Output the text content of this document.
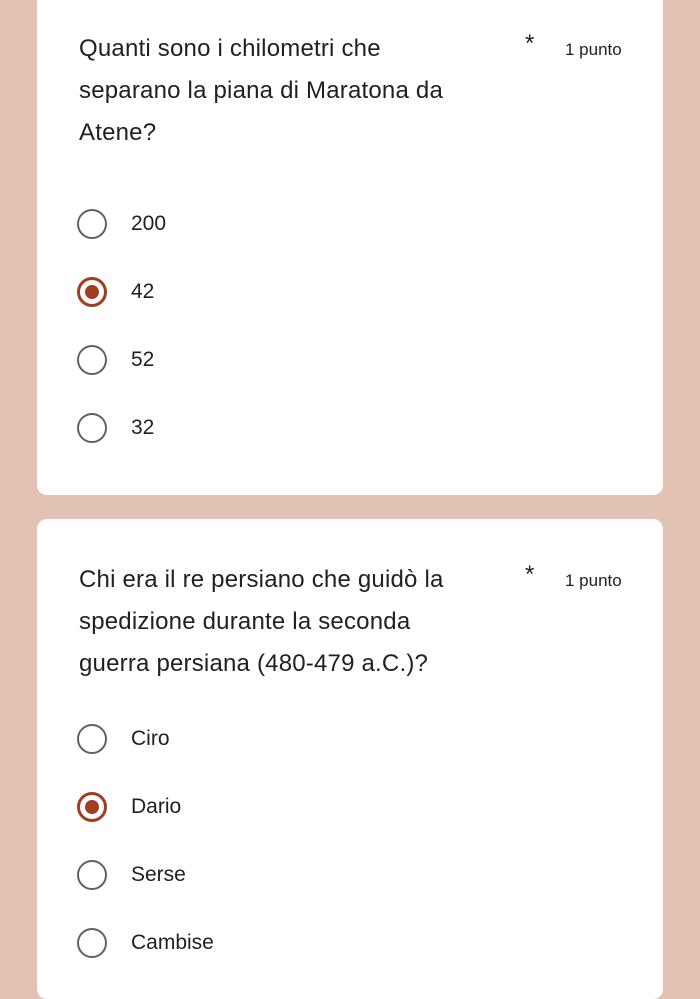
Quanti sono i chilometri che separano la piana di Maratona da Atene?
* 1 punto
200
42
52
32
Chi era il re persiano che guidò la spedizione durante la seconda guerra persiana (480-479 a.C.)?
* 1 punto
Ciro
Dario
Serse
Cambise
